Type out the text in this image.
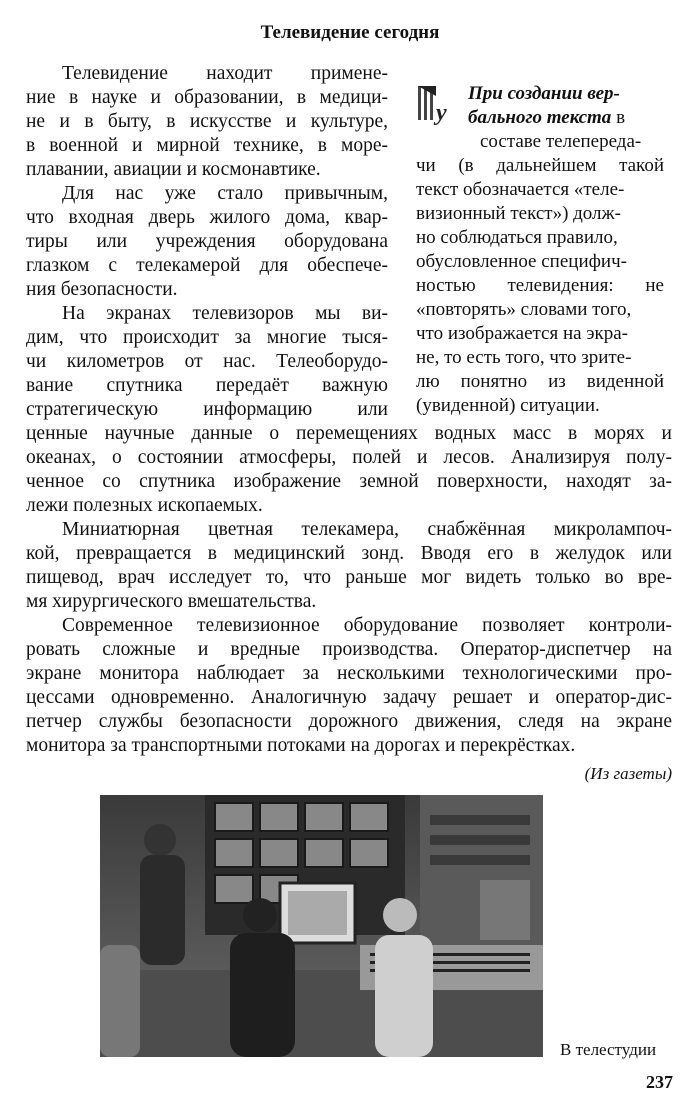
Телевидение сегодня
Телевидение находит примене-
ние в науке и образовании, в медици-
не и в быту, в искусстве и культуре,
в военной и мирной технике, в море-
плавании, авиации и космонавтике.
Для нас уже стало привычным,
что входная дверь жилого дома, квар-
тиры или учреждения оборудована
глазком с телекамерой для обеспече-
ния безопасности.
На экранах телевизоров мы ви-
дим, что происходит за многие тыся-
чи километров от нас. Телеоборудо-
вание спутника передаёт важную
стратегическую информацию или
у
При создании вер-
бального текста в
составе телепереда-
чи (в дальнейшем такой
текст обозначается «теле-
визионный текст») долж-
но соблюдаться правило,
обусловленное специфич-
ностью телевидения: не
«повторять» словами того,
что изображается на экра-
не, то есть того, что зрите-
лю понятно из виденной
(увиденной) ситуации.
ценные научные данные о перемещениях водных масс в морях и
океанах, о состоянии атмосферы, полей и лесов. Анализируя полу-
ченное со спутника изображение земной поверхности, находят за-
лежи полезных ископаемых.
Миниатюрная цветная телекамера, снабжённая микролампоч-
кой, превращается в медицинский зонд. Вводя его в желудок или
пищевод, врач исследует то, что раньше мог видеть только во вре-
мя хирургического вмешательства.
Современное телевизионное оборудование позволяет контроли-
ровать сложные и вредные производства. Оператор-диспетчер на
экране монитора наблюдает за несколькими технологическими про-
цессами одновременно. Аналогичную задачу решает и оператор-дис-
петчер службы безопасности дорожного движения, следя на экране
монитора за транспортными потоками на дорогах и перекрёстках.
(Из газеты)
В телестудии
237
